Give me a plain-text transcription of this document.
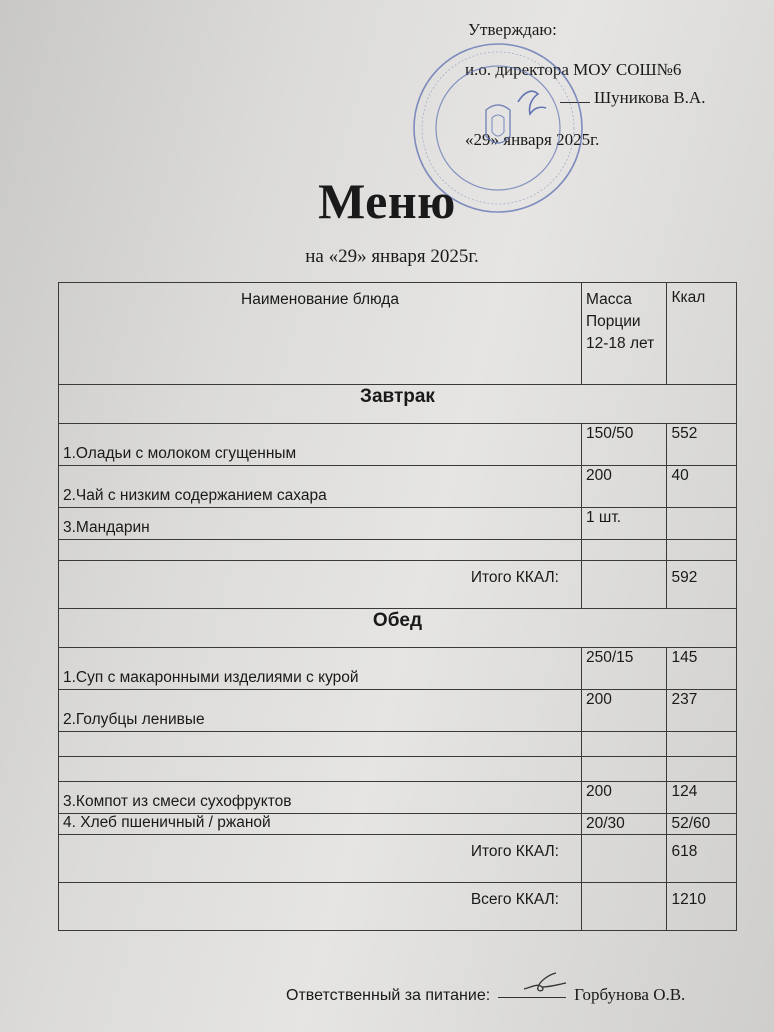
Утверждаю:
и.о. директора МОУ СОШ№6
Шуникова В.А.
«29» января 2025г.
Меню
на «29» января 2025г.
Наименование блюда	Масса Порции 12-18 лет	Ккал
Завтрак		
1.Оладьи с молоком сгущенным	150/50	552
2.Чай с низким содержанием сахара	200	40
3.Мандарин	1 шт.	

Итого ККАЛ:		592
Обед		
1.Суп с макаронными изделиями с курой	250/15	145
2.Голубцы ленивые	200	237

3.Компот из смеси сухофруктов	200	124
4. Хлеб пшеничный / ржаной	20/30	52/60
Итого ККАЛ:		618
Всего ККАЛ:		1210
Ответственный за питание:	Горбунова О.В.
